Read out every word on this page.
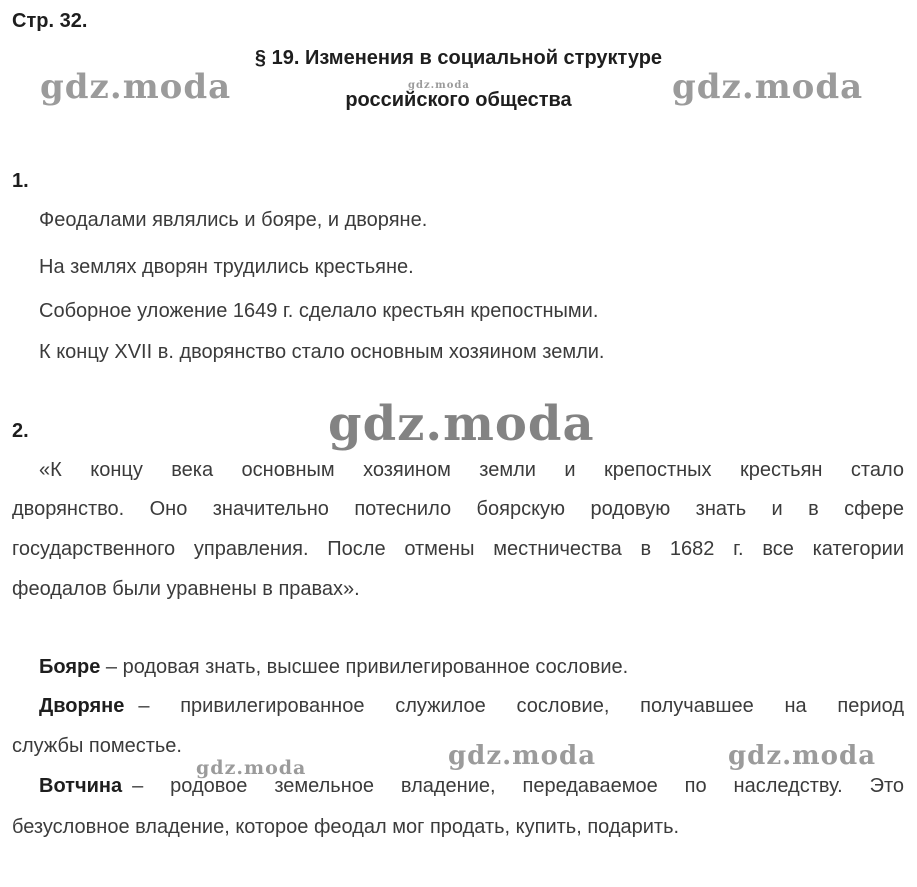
Стр. 32.
§ 19. Изменения в социальной структуре
российского общества
gdz.moda	gdz.moda
gdz.moda
gdz.moda
gdz.moda	gdz.moda
gdz.moda
1.
Феодалами являлись и бояре, и дворяне.
На землях дворян трудились крестьяне.
Соборное уложение 1649 г. сделало крестьян крепостными.
К концу XVII в. дворянство стало основным хозяином земли.
2.
«К концу века основным хозяином земли и крепостных крестьян стало
дворянство. Оно значительно потеснило боярскую родовую знать и в сфере
государственного управления. После отмены местничества в 1682 г. все категории
феодалов были уравнены в правах».
Бояре – родовая знать, высшее привилегированное сословие.
Дворяне – привилегированное служилое сословие, получавшее на период
службы поместье.
Вотчина – родовое земельное владение, передаваемое по наследству. Это
безусловное владение, которое феодал мог продать, купить, подарить.
